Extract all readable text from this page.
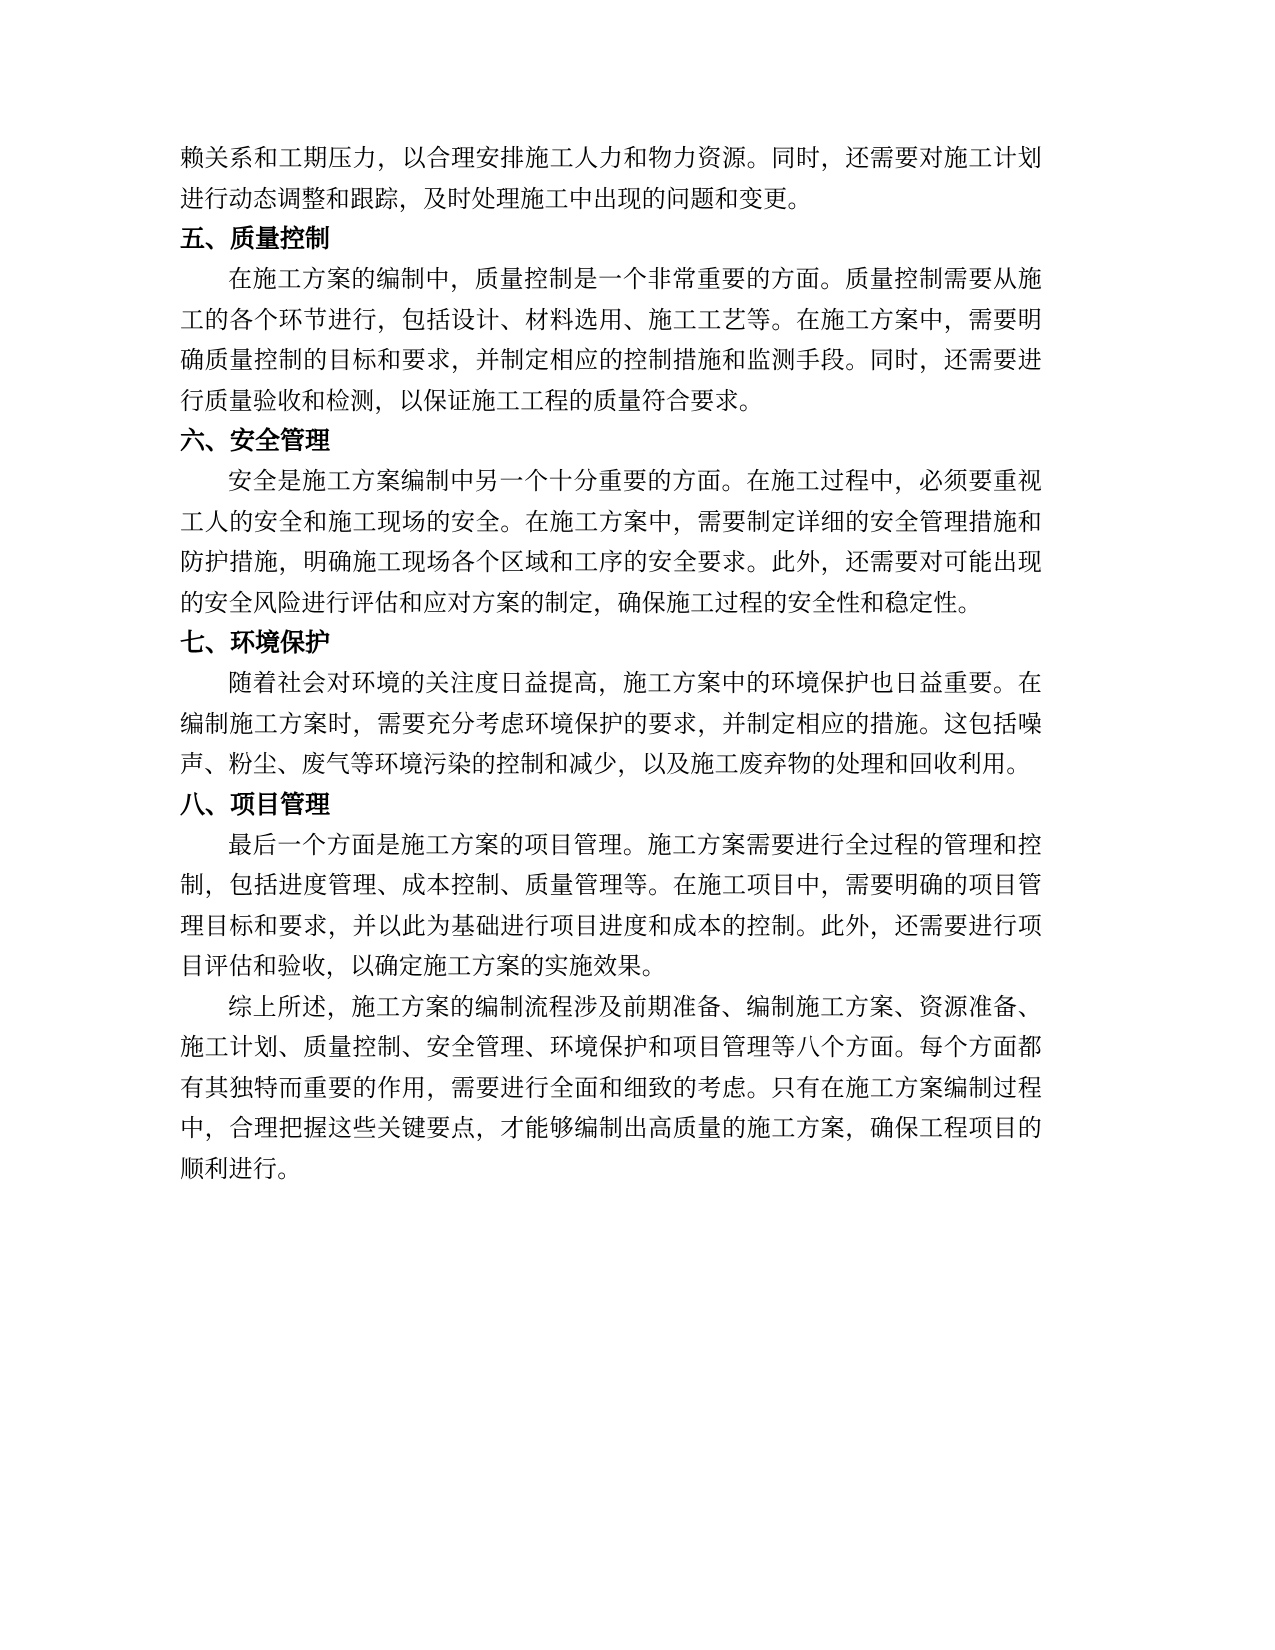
赖关系和工期压力，以合理安排施工人力和物力资源。同时，还需要对施工计划进行动态调整和跟踪，及时处理施工中出现的问题和变更。

五、质量控制

在施工方案的编制中，质量控制是一个非常重要的方面。质量控制需要从施工的各个环节进行，包括设计、材料选用、施工工艺等。在施工方案中，需要明确质量控制的目标和要求，并制定相应的控制措施和监测手段。同时，还需要进行质量验收和检测，以保证施工工程的质量符合要求。

六、安全管理

安全是施工方案编制中另一个十分重要的方面。在施工过程中，必须要重视工人的安全和施工现场的安全。在施工方案中，需要制定详细的安全管理措施和防护措施，明确施工现场各个区域和工序的安全要求。此外，还需要对可能出现的安全风险进行评估和应对方案的制定，确保施工过程的安全性和稳定性。

七、环境保护

随着社会对环境的关注度日益提高，施工方案中的环境保护也日益重要。在编制施工方案时，需要充分考虑环境保护的要求，并制定相应的措施。这包括噪声、粉尘、废气等环境污染的控制和减少，以及施工废弃物的处理和回收利用。

八、项目管理

最后一个方面是施工方案的项目管理。施工方案需要进行全过程的管理和控制，包括进度管理、成本控制、质量管理等。在施工项目中，需要明确的项目管理目标和要求，并以此为基础进行项目进度和成本的控制。此外，还需要进行项目评估和验收，以确定施工方案的实施效果。

综上所述，施工方案的编制流程涉及前期准备、编制施工方案、资源准备、施工计划、质量控制、安全管理、环境保护和项目管理等八个方面。每个方面都有其独特而重要的作用，需要进行全面和细致的考虑。只有在施工方案编制过程中，合理把握这些关键要点，才能够编制出高质量的施工方案，确保工程项目的顺利进行。
